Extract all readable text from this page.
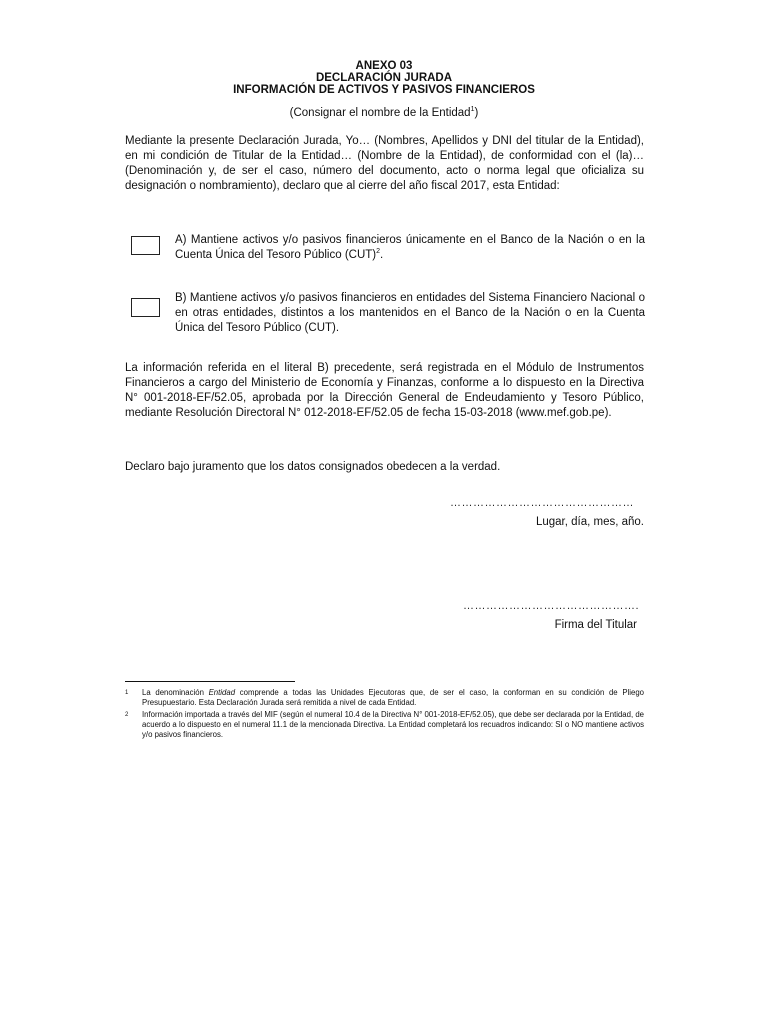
ANEXO 03
DECLARACIÓN JURADA
INFORMACIÓN DE ACTIVOS Y PASIVOS FINANCIEROS
(Consignar el nombre de la Entidad$^1$)
Mediante la presente Declaración Jurada, Yo… (Nombres, Apellidos y DNI del titular de la Entidad), en mi condición de Titular de la Entidad… (Nombre de la Entidad), de conformidad con el (la)… (Denominación y, de ser el caso, número del documento, acto o norma legal que oficializa su designación o nombramiento), declaro que al cierre del año fiscal 2017, esta Entidad:
A) Mantiene activos y/o pasivos financieros únicamente en el Banco de la Nación o en la Cuenta Única del Tesoro Público (CUT)$^2$.
B) Mantiene activos y/o pasivos financieros en entidades del Sistema Financiero Nacional o en otras entidades, distintos a los mantenidos en el Banco de la Nación o en la Cuenta Única del Tesoro Público (CUT).
La información referida en el literal B) precedente, será registrada en el Módulo de Instrumentos Financieros a cargo del Ministerio de Economía y Finanzas, conforme a lo dispuesto en la Directiva N° 001-2018-EF/52.05, aprobada por la Dirección General de Endeudamiento y Tesoro Público, mediante Resolución Directoral N° 012-2018-EF/52.05 de fecha 15-03-2018 (www.mef.gob.pe).
Declaro bajo juramento que los datos consignados obedecen a la verdad.
…………………………………………
Lugar, día, mes, año.
……………………………………….
Firma del Titular
1 La denominación Entidad comprende a todas las Unidades Ejecutoras que, de ser el caso, la conforman en su condición de Pliego Presupuestario. Esta Declaración Jurada será remitida a nivel de cada Entidad.
2 Información importada a través del MIF (según el numeral 10.4 de la Directiva N° 001-2018-EF/52.05), que debe ser declarada por la Entidad, de acuerdo a lo dispuesto en el numeral 11.1 de la mencionada Directiva. La Entidad completará los recuadros indicando: SI o NO mantiene activos y/o pasivos financieros.
